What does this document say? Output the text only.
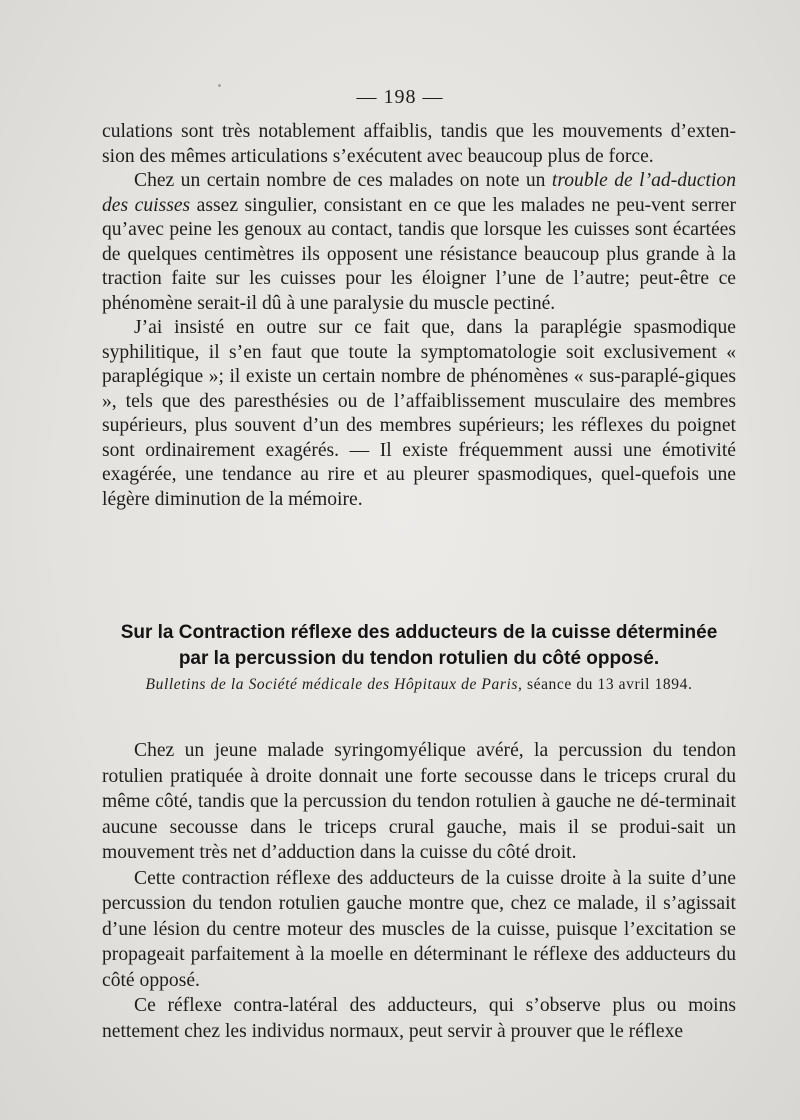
— 198 —

culations sont très notablement affaiblis, tandis que les mouvements d’exten-sion des mêmes articulations s’exécutent avec beaucoup plus de force.

Chez un certain nombre de ces malades on note un trouble de l’ad-duction des cuisses assez singulier, consistant en ce que les malades ne peu-vent serrer qu’avec peine les genoux au contact, tandis que lorsque les cuisses sont écartées de quelques centimètres ils opposent une résistance beaucoup plus grande à la traction faite sur les cuisses pour les éloigner l’une de l’autre; peut-être ce phénomène serait-il dû à une paralysie du muscle pectiné.

J’ai insisté en outre sur ce fait que, dans la paraplégie spasmodique syphilitique, il s’en faut que toute la symptomatologie soit exclusivement « paraplégique »; il existe un certain nombre de phénomènes « sus-paraplé-giques », tels que des paresthésies ou de l’affaiblissement musculaire des membres supérieurs, plus souvent d’un des membres supérieurs; les réflexes du poignet sont ordinairement exagérés. — Il existe fréquemment aussi une émotivité exagérée, une tendance au rire et au pleurer spasmodiques, quel-quefois une légère diminution de la mémoire.

Sur la Contraction réflexe des adducteurs de la cuisse déterminée
par la percussion du tendon rotulien du côté opposé.
Bulletins de la Société médicale des Hôpitaux de Paris, séance du 13 avril 1894.

Chez un jeune malade syringomyélique avéré, la percussion du tendon rotulien pratiquée à droite donnait une forte secousse dans le triceps crural du même côté, tandis que la percussion du tendon rotulien à gauche ne dé-terminait aucune secousse dans le triceps crural gauche, mais il se produi-sait un mouvement très net d’adduction dans la cuisse du côté droit.

Cette contraction réflexe des adducteurs de la cuisse droite à la suite d’une percussion du tendon rotulien gauche montre que, chez ce malade, il s’agissait d’une lésion du centre moteur des muscles de la cuisse, puisque l’excitation se propageait parfaitement à la moelle en déterminant le réflexe des adducteurs du côté opposé.

Ce réflexe contra-latéral des adducteurs, qui s’observe plus ou moins nettement chez les individus normaux, peut servir à prouver que le réflexe
